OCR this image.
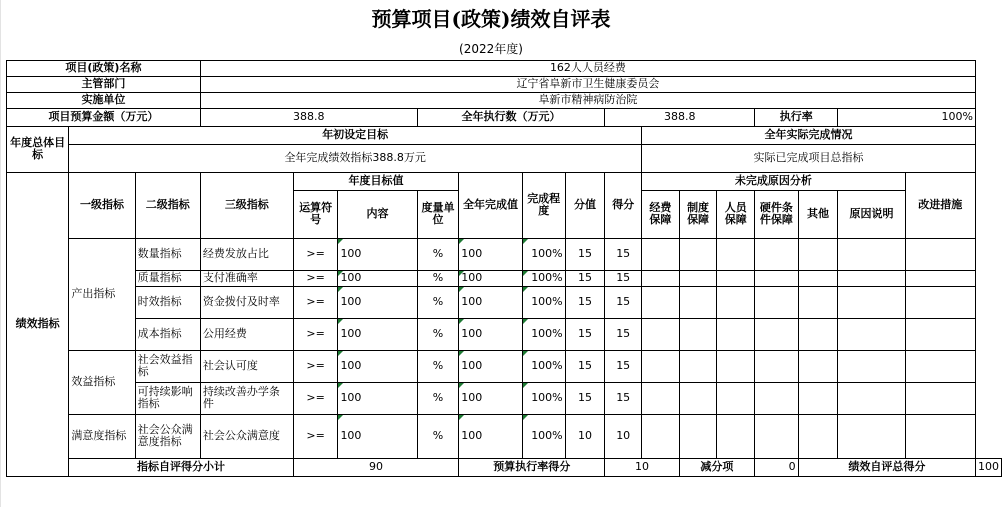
预算项目(政策)绩效自评表																		
(2022年度)																		
项目(政策)名称			162人人员经费															
主管部门			辽宁省阜新市卫生健康委员会															
实施单位			阜新市精神病防治院															
项目预算金额（万元）			388.8			全年执行数（万元）				388.8				执行率		100%		
年度总体目标	年初设定目标										全年实际完成情况							
	全年完成绩效指标388.8万元										实际已完成项目总指标							
绩效指标	一级指标	二级指标	三级指标	年度目标值			全年完成值	完成程度	分值	得分	未完成原因分析						改进措施	
				运算符号	内容	度量单位					经费保障	制度保障	人员保障	硬件条件保障	其他	原因说明		
	产出指标	数量指标	经费发放占比	>=	100	%	100	100%	15	15								
		质量指标	支付准确率	>=	100	%	100	100%	15	15								
		时效指标	资金拨付及时率	>=	100	%	100	100%	15	15								
		成本指标	公用经费	>=	100	%	100	100%	15	15								
	效益指标	社会效益指标	社会认可度	>=	100	%	100	100%	15	15								
		可持续影响指标	持续改善办学条件	>=	100	%	100	100%	15	15								
	满意度指标	社会公众满意度指标	社会公众满意度	>=	100	%	100	100%	10	10								
	指标自评得分小计			90			预算执行率得分			10		减分项		0	绩效自评总得分			100
